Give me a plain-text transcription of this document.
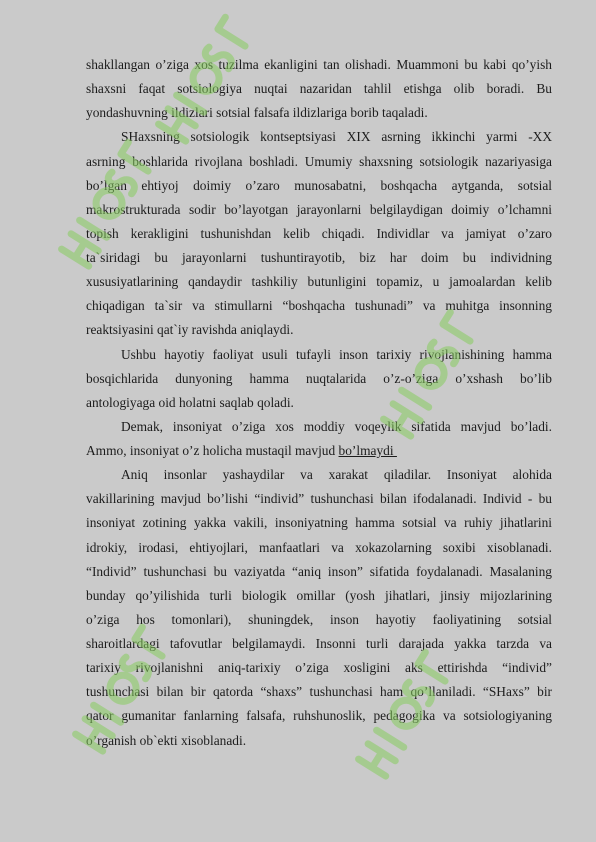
shakllangan o’ziga xos tuzilma ekanligini tan olishadi. Muammoni bu kabi qo’yish
shaxsni faqat sotsiologiya nuqtai nazaridan tahlil etishga olib boradi. Bu
yondashuvning ildizlari sotsial falsafa ildizlariga borib taqaladi.
SHaxsning sotsiologik kontseptsiyasi XIX asrning ikkinchi yarmi -XX
asrning boshlarida rivojlana boshladi. Umumiy shaxsning sotsiologik nazariyasiga
bo’lgan ehtiyoj doimiy o’zaro munosabatni, boshqacha aytganda, sotsial
makrostrukturada sodir bo’layotgan jarayonlarni belgilaydigan doimiy o’lchamni
topish kerakligini tushunishdan kelib chiqadi. Individlar va jamiyat o’zaro
ta`siridagi bu jarayonlarni tushuntirayotib, biz har doim bu individning
xususiyatlarining qandaydir tashkiliy butunligini topamiz, u jamoalardan kelib
chiqadigan ta`sir va stimullarni “boshqacha tushunadi” va muhitga insonning
reaktsiyasini qat`iy ravishda aniqlaydi.
Ushbu hayotiy faoliyat usuli tufayli inson tarixiy rivojlanishining hamma
bosqichlarida dunyoning hamma nuqtalarida o’z-o’ziga o’xshash bo’lib
antologiyaga oid holatni saqlab qoladi.
Demak, insoniyat o’ziga xos moddiy voqeylik sifatida mavjud bo’ladi.
Ammo, insoniyat o’z holicha mustaqil mavjud bo’lmaydi
Aniq insonlar yashaydilar va xarakat qiladilar. Insoniyat alohida
vakillarining mavjud bo’lishi “individ” tushunchasi bilan ifodalanadi. Individ - bu
insoniyat zotining yakka vakili, insoniyatning hamma sotsial va ruhiy jihatlarini
idrokiy, irodasi, ehtiyojlari, manfaatlari va xokazolarning soxibi xisoblanadi.
“Individ” tushunchasi bu vaziyatda “aniq inson” sifatida foydalanadi. Masalaning
bunday qo’yilishida turli biologik omillar (yosh jihatlari, jinsiy mijozlarining
o’ziga hos tomonlari), shuningdek, inson hayotiy faoliyatining sotsial
sharoitlardagi tafovutlar belgilamaydi. Insonni turli darajada yakka tarzda va
tarixiy rivojlanishni aniq-tarixiy o’ziga xosligini aks ettirishda “individ”
tushunchasi bilan bir qatorda “shaxs” tushunchasi ham qo’llaniladi. “SHaxs” bir
qator gumanitar fanlarning falsafa, ruhshunoslik, pedagogika va sotsiologiyaning
o’rganish ob`ekti xisoblanadi.
